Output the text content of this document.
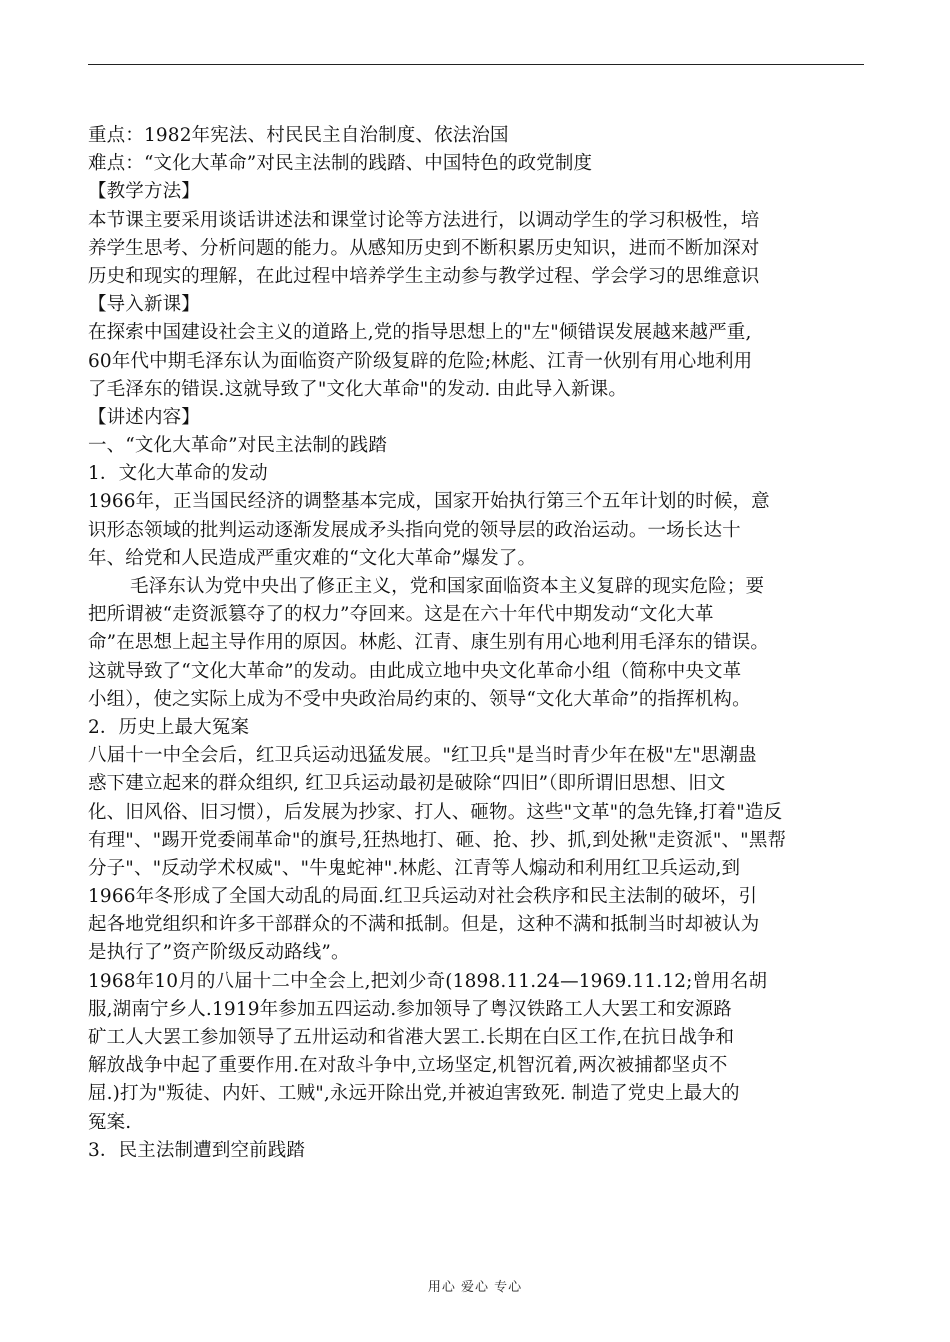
重点：1982年宪法、村民民主自治制度、依法治国
难点：“文化大革命”对民主法制的践踏、中国特色的政党制度
【教学方法】
本节课主要采用谈话讲述法和课堂讨论等方法进行，以调动学生的学习积极性，培
养学生思考、分析问题的能力。从感知历史到不断积累历史知识，进而不断加深对
历史和现实的理解，在此过程中培养学生主动参与教学过程、学会学习的思维意识
【导入新课】
在探索中国建设社会主义的道路上,党的指导思想上的"左"倾错误发展越来越严重,
60年代中期毛泽东认为面临资产阶级复辟的危险;林彪、江青一伙别有用心地利用
了毛泽东的错误.这就导致了"文化大革命"的发动. 由此导入新课。
【讲述内容】
一、“文化大革命”对民主法制的践踏
1．文化大革命的发动
1966年，正当国民经济的调整基本完成，国家开始执行第三个五年计划的时候，意
识形态领域的批判运动逐渐发展成矛头指向党的领导层的政治运动。一场长达十
年、给党和人民造成严重灾难的“文化大革命”爆发了。
毛泽东认为党中央出了修正主义，党和国家面临资本主义复辟的现实危险；要
把所谓被“走资派篡夺了的权力”夺回来。这是在六十年代中期发动“文化大革
命”在思想上起主导作用的原因。林彪、江青、康生别有用心地利用毛泽东的错误。
这就导致了“文化大革命”的发动。由此成立地中央文化革命小组（简称中央文革
小组），使之实际上成为不受中央政治局约束的、领导“文化大革命”的指挥机构。
2．历史上最大冤案
八届十一中全会后，红卫兵运动迅猛发展。"红卫兵"是当时青少年在极"左"思潮蛊
惑下建立起来的群众组织, 红卫兵运动最初是破除“四旧”（即所谓旧思想、旧文
化、旧风俗、旧习惯），后发展为抄家、打人、砸物。这些"文革"的急先锋,打着"造反
有理"、"踢开党委闹革命"的旗号,狂热地打、砸、抢、抄、抓,到处揪"走资派"、"黑帮
分子"、"反动学术权威"、"牛鬼蛇神".林彪、江青等人煽动和利用红卫兵运动,到
1966年冬形成了全国大动乱的局面.红卫兵运动对社会秩序和民主法制的破坏，引
起各地党组织和许多干部群众的不满和抵制。但是，这种不满和抵制当时却被认为
是执行了”资产阶级反动路线”。
1968年10月的八届十二中全会上,把刘少奇(1898.11.24—1969.11.12;曾用名胡
服,湖南宁乡人.1919年参加五四运动.参加领导了粤汉铁路工人大罢工和安源路
矿工人大罢工参加领导了五卅运动和省港大罢工.长期在白区工作,在抗日战争和
解放战争中起了重要作用.在对敌斗争中,立场坚定,机智沉着,两次被捕都坚贞不
屈.)打为"叛徒、内奸、工贼",永远开除出党,并被迫害致死. 制造了党史上最大的
冤案.
3．民主法制遭到空前践踏
用心 爱心 专心
